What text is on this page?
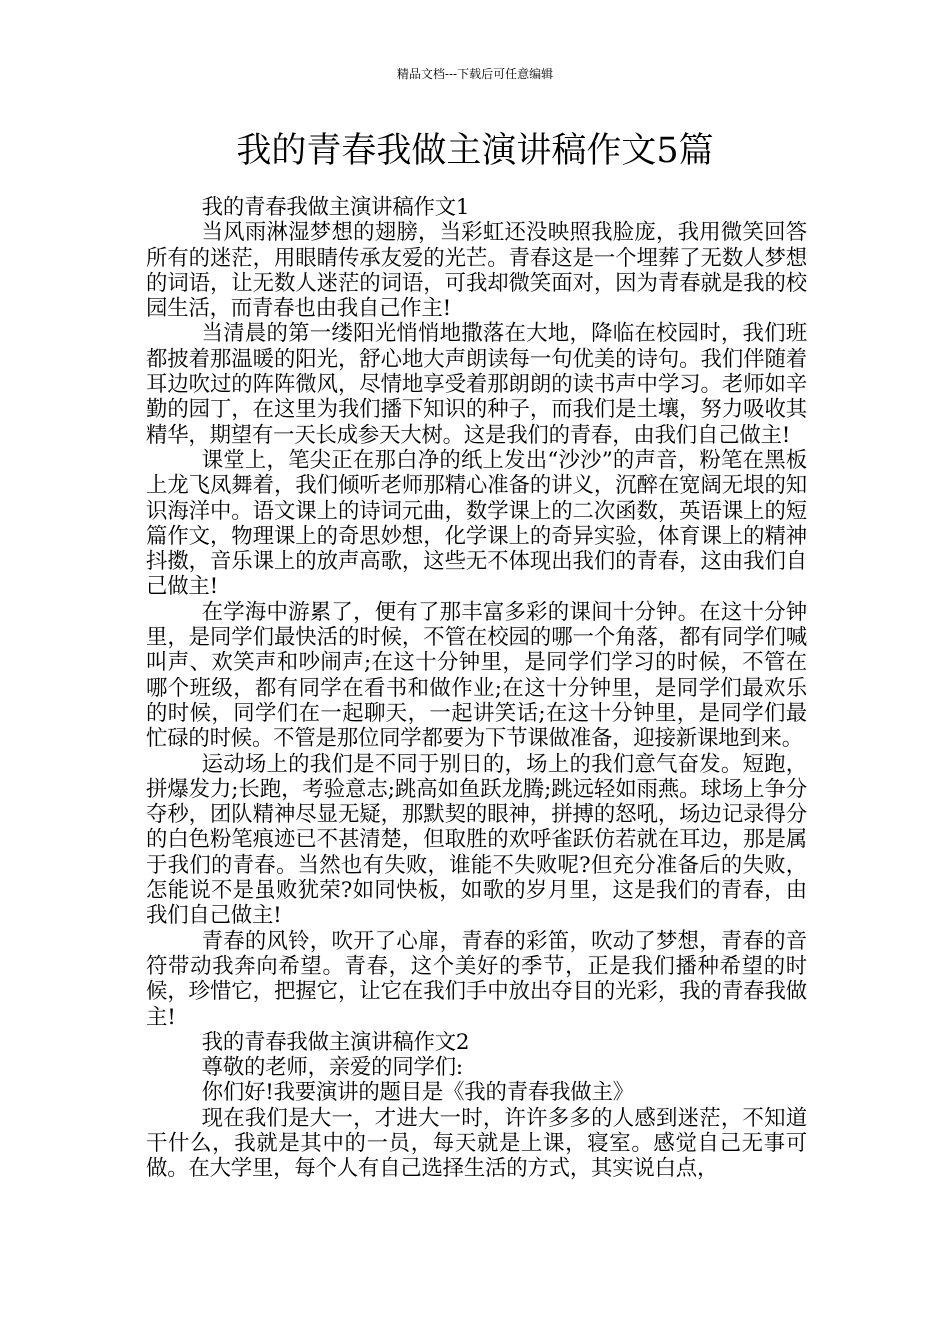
精品文档---下载后可任意编辑
我的青春我做主演讲稿作文5篇

我的青春我做主演讲稿作文1

当风雨淋湿梦想的翅膀，当彩虹还没映照我脸庞，我用微笑回答所有的迷茫，用眼睛传承友爱的光芒。青春这是一个埋葬了无数人梦想的词语，让无数人迷茫的词语，可我却微笑面对，因为青春就是我的校园生活，而青春也由我自己作主!

当清晨的第一缕阳光悄悄地撒落在大地，降临在校园时，我们班都披着那温暖的阳光，舒心地大声朗读每一句优美的诗句。我们伴随着耳边吹过的阵阵微风，尽情地享受着那朗朗的读书声中学习。老师如辛勤的园丁，在这里为我们播下知识的种子，而我们是土壤，努力吸收其精华，期望有一天长成参天大树。这是我们的青春，由我们自己做主!

课堂上，笔尖正在那白净的纸上发出“沙沙”的声音，粉笔在黑板上龙飞凤舞着，我们倾听老师那精心准备的讲义，沉醉在宽阔无垠的知识海洋中。语文课上的诗词元曲，数学课上的二次函数，英语课上的短篇作文，物理课上的奇思妙想，化学课上的奇异实验，体育课上的精神抖擞，音乐课上的放声高歌，这些无不体现出我们的青春，这由我们自己做主!

在学海中游累了，便有了那丰富多彩的课间十分钟。在这十分钟里，是同学们最快活的时候，不管在校园的哪一个角落，都有同学们喊叫声、欢笑声和吵闹声;在这十分钟里，是同学们学习的时候，不管在哪个班级，都有同学在看书和做作业;在这十分钟里，是同学们最欢乐的时候，同学们在一起聊天，一起讲笑话;在这十分钟里，是同学们最忙碌的时候。不管是那位同学都要为下节课做准备，迎接新课地到来。

运动场上的我们是不同于别日的，场上的我们意气奋发。短跑，拼爆发力;长跑，考验意志;跳高如鱼跃龙腾;跳远轻如雨燕。球场上争分夺秒，团队精神尽显无疑，那默契的眼神，拼搏的怒吼，场边记录得分的白色粉笔痕迹已不甚清楚，但取胜的欢呼雀跃仿若就在耳边，那是属于我们的青春。当然也有失败，谁能不失败呢?但充分准备后的失败，怎能说不是虽败犹荣?如同快板，如歌的岁月里，这是我们的青春，由我们自己做主!

青春的风铃，吹开了心扉，青春的彩笛，吹动了梦想，青春的音符带动我奔向希望。青春，这个美好的季节，正是我们播种希望的时候，珍惜它，把握它，让它在我们手中放出夺目的光彩，我的青春我做主!

我的青春我做主演讲稿作文2

尊敬的老师，亲爱的同学们:

你们好!我要演讲的题目是《我的青春我做主》

现在我们是大一，才进大一时，许许多多的人感到迷茫，不知道干什么，我就是其中的一员，每天就是上课，寝室。感觉自己无事可做。在大学里，每个人有自己选择生活的方式，其实说白点，
